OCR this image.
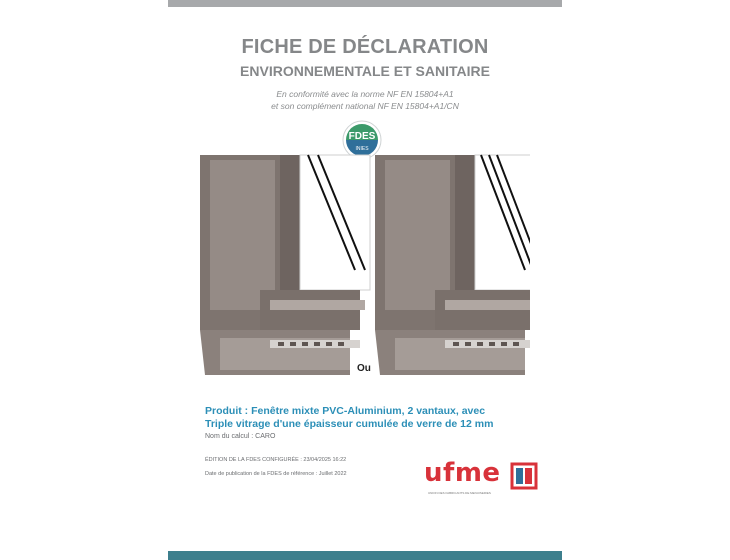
FICHE DE DÉCLARATION
ENVIRONNEMENTALE ET SANITAIRE
En conformité avec la norme NF EN 15804+A1
et son complément national NF EN 15804+A1/CN
FDES
INIES
Ou
Produit : Fenêtre mixte PVC-Aluminium, 2 vantaux, avec
Triple vitrage d'une épaisseur cumulée de verre de 12 mm
Nom du calcul : CARO
ÉDITION DE LA FDES CONFIGURÉE : 23/04/2025 16:22
Date de publication de la FDES de référence : Juillet 2022	ufme
UNION DES FABRICANTS DE MENUISERIES
